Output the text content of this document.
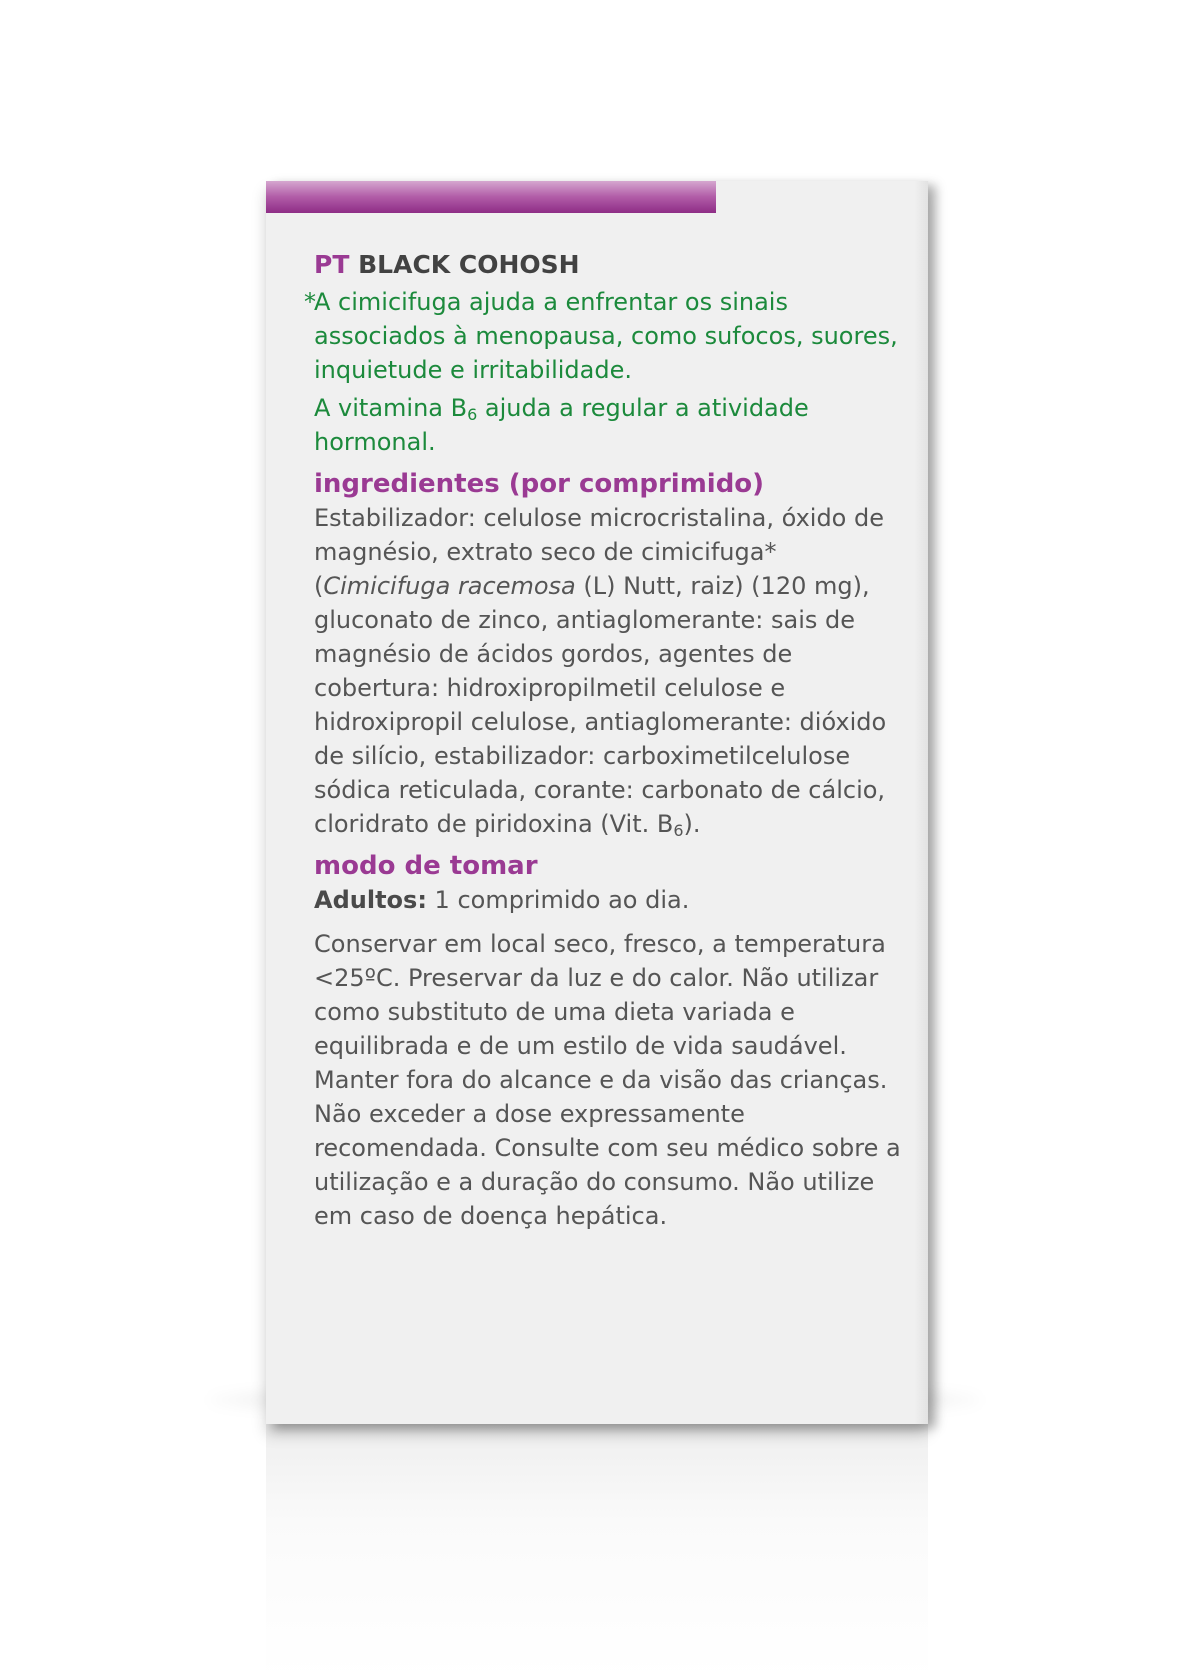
PT BLACK COHOSH
*

A cimicifuga ajuda a enfrentar os sinais associados à menopausa, como sufocos, suores, inquietude e irritabilidade.

A vitamina $B_6$ ajuda a regular a atividade hormonal.

ingredientes (por comprimido)

Estabilizador: celulose microcristalina, óxido de magnésio, extrato seco de cimicifuga* (Cimicifuga racemosa (L) Nutt, raiz) (120 mg), gluconato de zinco, antiaglomerante: sais de magnésio de ácidos gordos, agentes de cobertura: hidroxipropilmetil celulose e hidroxipropil celulose, antiaglomerante: dióxido de silício, estabilizador: carboximetilcelulose sódica reticulada, corante: carbonato de cálcio, cloridrato de piridoxina (Vit. $B_6$).

modo de tomar

Adultos: 1 comprimido ao dia.

Conservar em local seco, fresco, a temperatura <25ºC. Preservar da luz e do calor. Não utilizar como substituto de uma dieta variada e equilibrada e de um estilo de vida saudável. Manter fora do alcance e da visão das crianças. Não exceder a dose expressamente recomendada. Consulte com seu médico sobre a utilização e a duração do consumo. Não utilize em caso de doença hepática.
